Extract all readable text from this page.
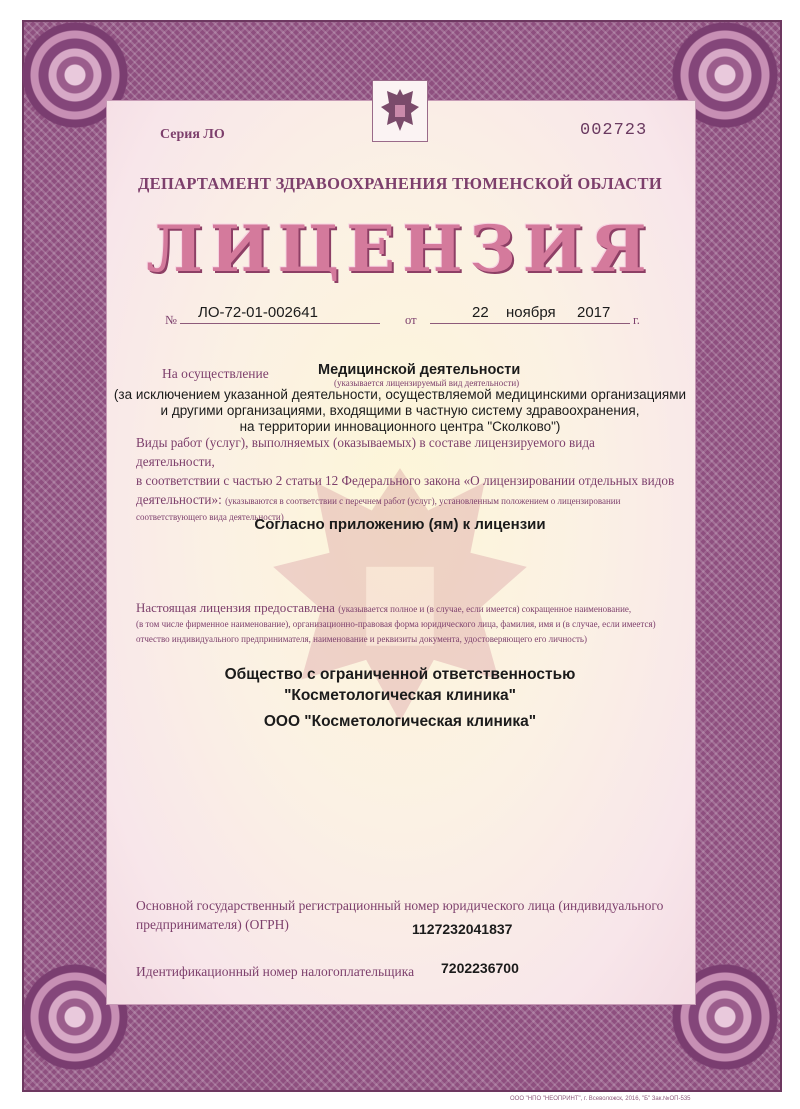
Серия ЛО	002723
ДЕПАРТАМЕНТ ЗДРАВООХРАНЕНИЯ ТЮМЕНСКОЙ ОБЛАСТИ
ЛИЦЕНЗИЯ
№ ЛО-72-01-002641	от	22 ноября 2017 г.
На осуществление	Медицинской деятельности
(указывается лицензируемый вид деятельности)
(за исключением указанной деятельности, осуществляемой медицинскими организациями
и другими организациями, входящими в частную систему здравоохранения,
на территории инновационного центра "Сколково")
Виды работ (услуг), выполняемых (оказываемых) в составе лицензируемого вида деятельности,
в соответствии с частью 2 статьи 12 Федерального закона «О лицензировании отдельных видов
деятельности»: (указываются в соответствии с перечнем работ (услуг), установленным положением о лицензировании
соответствующего вида деятельности)
Согласно приложению (ям) к лицензии
Настоящая лицензия предоставлена (указывается полное и (в случае, если имеется) сокращенное наименование,
(в том числе фирменное наименование), организационно-правовая форма юридического лица, фамилия, имя и (в случае, если имеется)
отчество индивидуального предпринимателя, наименование и реквизиты документа, удостоверяющего его личность)
Общество с ограниченной ответственностью
"Косметологическая клиника"
ООО "Косметологическая клиника"
Основной государственный регистрационный номер юридического лица (индивидуального
предпринимателя) (ОГРН)	1127232041837
Идентификационный номер налогоплательщика 7202236700
ООО "НПО "НЕОПРИНТ", г. Всеволожск, 2016, "Б" Зак.№ОП-535
